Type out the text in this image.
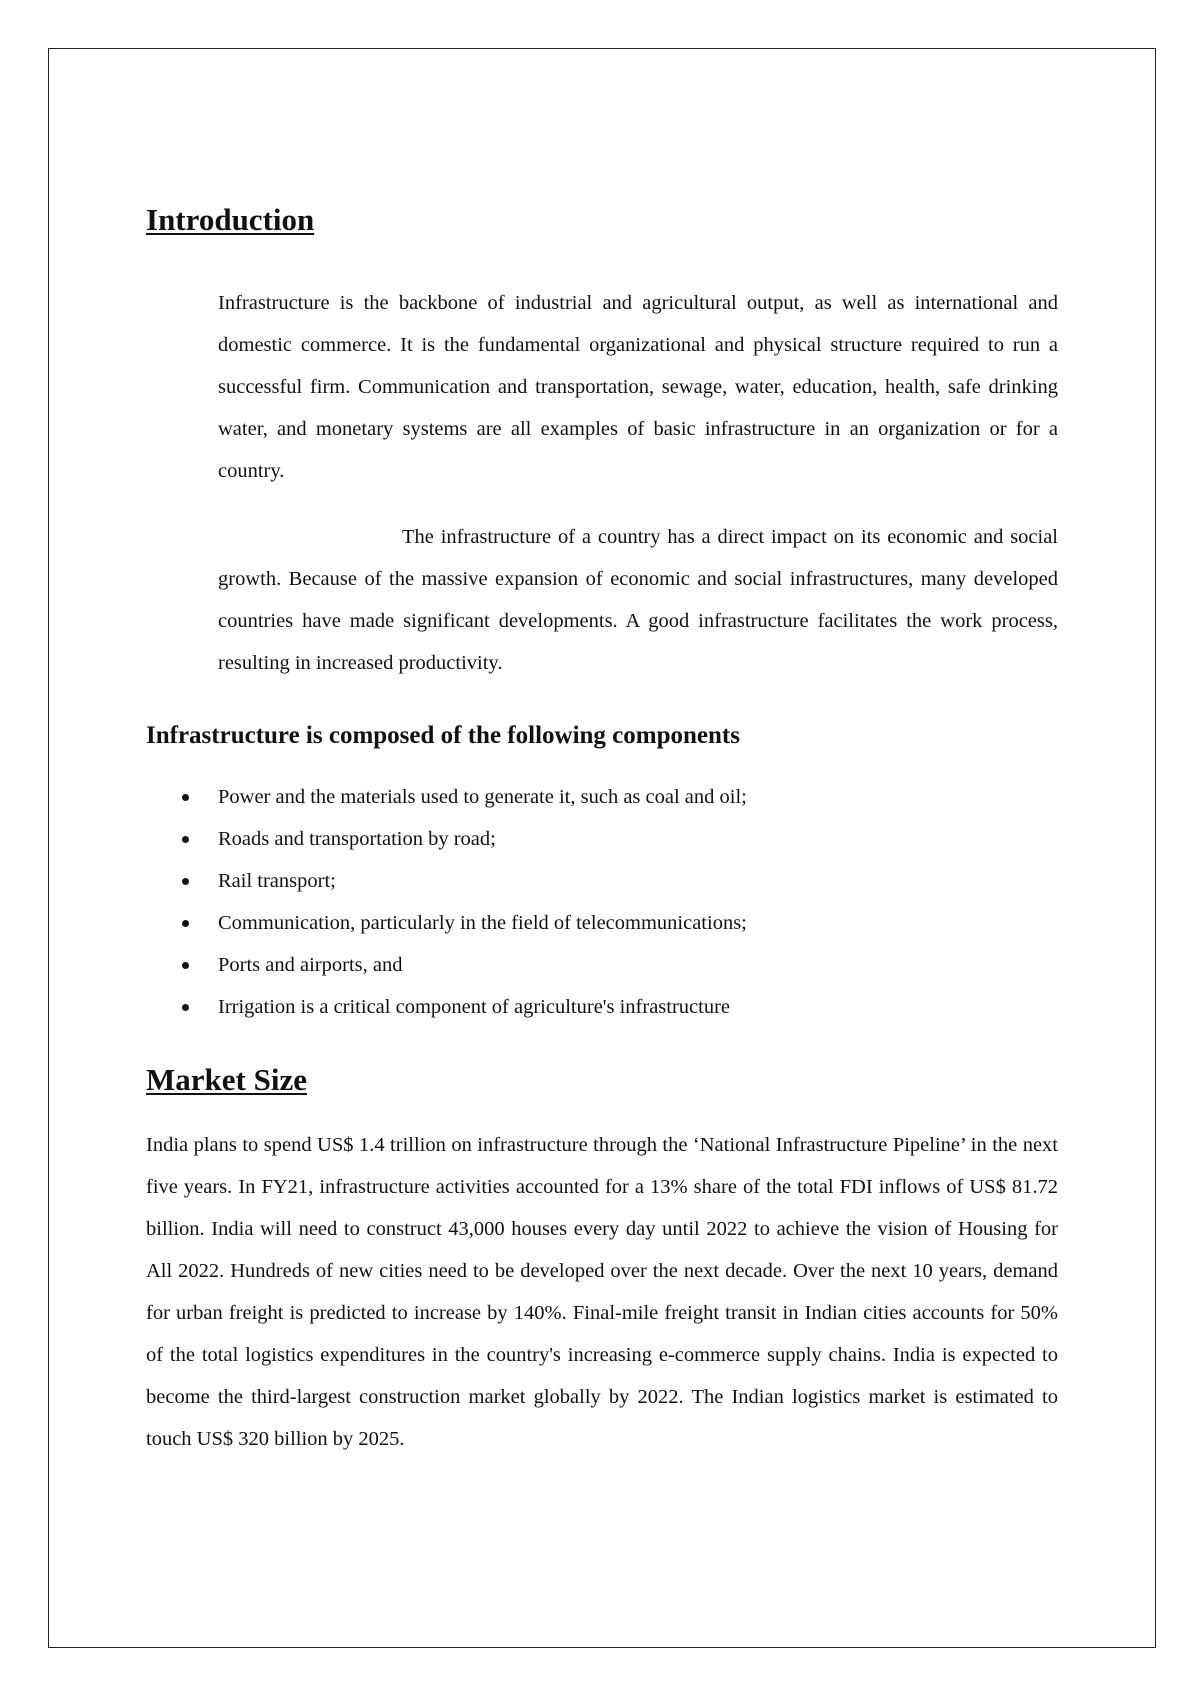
Introduction

Infrastructure is the backbone of industrial and agricultural output, as well as international and domestic commerce. It is the fundamental organizational and physical structure required to run a successful firm. Communication and transportation, sewage, water, education, health, safe drinking water, and monetary systems are all examples of basic infrastructure in an organization or for a country.

The infrastructure of a country has a direct impact on its economic and social growth. Because of the massive expansion of economic and social infrastructures, many developed countries have made significant developments. A good infrastructure facilitates the work process, resulting in increased productivity.

Infrastructure is composed of the following components
Power and the materials used to generate it, such as coal and oil;
Roads and transportation by road;
Rail transport;
Communication, particularly in the field of telecommunications;
Ports and airports, and
Irrigation is a critical component of agriculture's infrastructure
Market Size

India plans to spend US$ 1.4 trillion on infrastructure through the ‘National Infrastructure Pipeline’ in the next five years. In FY21, infrastructure activities accounted for a 13% share of the total FDI inflows of US$ 81.72 billion. India will need to construct 43,000 houses every day until 2022 to achieve the vision of Housing for All 2022. Hundreds of new cities need to be developed over the next decade. Over the next 10 years, demand for urban freight is predicted to increase by 140%. Final-mile freight transit in Indian cities accounts for 50% of the total logistics expenditures in the country's increasing e-commerce supply chains. India is expected to become the third-largest construction market globally by 2022. The Indian logistics market is estimated to touch US$ 320 billion by 2025.
